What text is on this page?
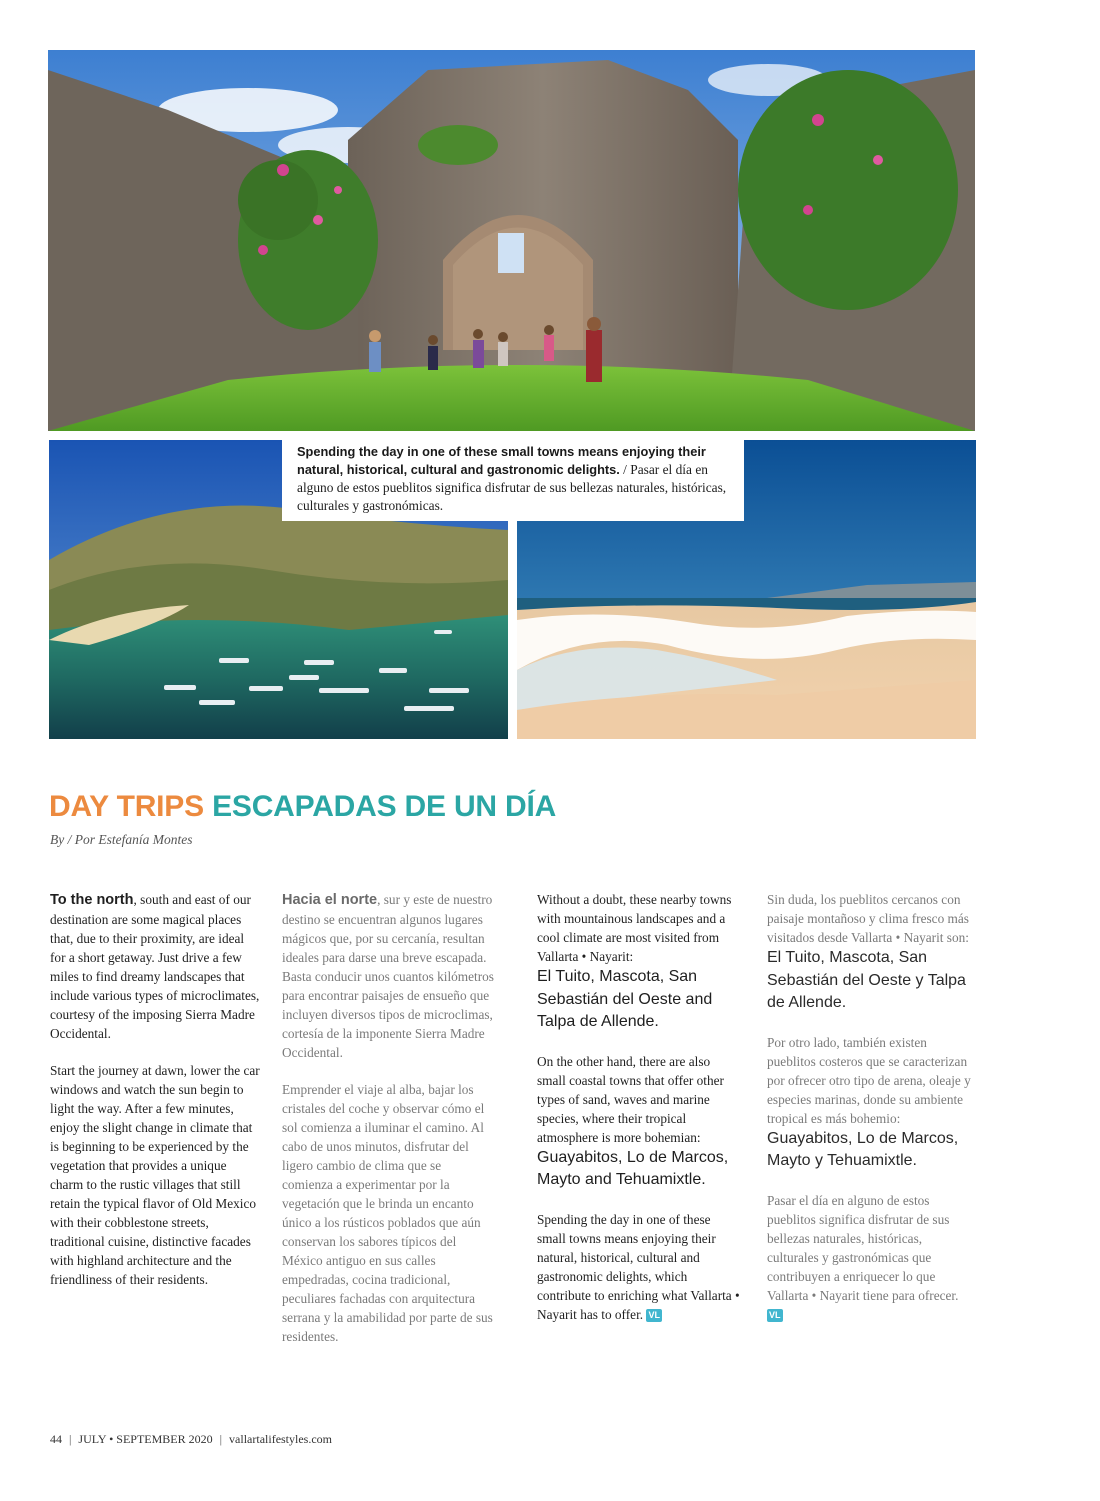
Spending the day in one of these small towns means enjoying their natural, historical, cultural and gastronomic delights. / Pasar el día en alguno de estos pueblitos significa disfrutar de sus bellezas naturales, históricas, culturales y gastronómicas.
DAY TRIPS ESCAPADAS DE UN DÍA
By / Por Estefanía Montes

To the north, south and east of our destination are some magical places that, due to their proximity, are ideal for a short getaway. Just drive a few miles to find dreamy landscapes that include various types of microclimates, courtesy of the imposing Sierra Madre Occidental.

Start the journey at dawn, lower the car windows and watch the sun begin to light the way. After a few minutes, enjoy the slight change in climate that is beginning to be experienced by the vegetation that provides a unique charm to the rustic villages that still retain the typical flavor of Old Mexico with their cobblestone streets, traditional cuisine, distinctive facades with highland architecture and the friendliness of their residents.

Hacia el norte, sur y este de nuestro destino se encuentran algunos lugares mágicos que, por su cercanía, resultan ideales para darse una breve escapada. Basta conducir unos cuantos kilómetros para encontrar paisajes de ensueño que incluyen diversos tipos de microclimas, cortesía de la imponente Sierra Madre Occidental.

Emprender el viaje al alba, bajar los cristales del coche y observar cómo el sol comienza a iluminar el camino. Al cabo de unos minutos, disfrutar del ligero cambio de clima que se comienza a experimentar por la vegetación que le brinda un encanto único a los rústicos poblados que aún conservan los sabores típicos del México antiguo en sus calles empedradas, cocina tradicional, peculiares fachadas con arquitectura serrana y la amabilidad por parte de sus residentes.

Without a doubt, these nearby towns with mountainous landscapes and a cool climate are most visited from Vallarta • Nayarit:

El Tuito, Mascota, San Sebastián del Oeste and Talpa de Allende.

On the other hand, there are also small coastal towns that offer other types of sand, waves and marine species, where their tropical atmosphere is more bohemian:

Guayabitos, Lo de Marcos, Mayto and Tehuamixtle.

Spending the day in one of these small towns means enjoying their natural, historical, cultural and gastronomic delights, which contribute to enriching what Vallarta • Nayarit has to offer. VL

Sin duda, los pueblitos cercanos con paisaje montañoso y clima fresco más visitados desde Vallarta • Nayarit son:

El Tuito, Mascota, San Sebastián del Oeste y Talpa de Allende.

Por otro lado, también existen pueblitos costeros que se caracterizan por ofrecer otro tipo de arena, oleaje y especies marinas, donde su ambiente tropical es más bohemio:

Guayabitos, Lo de Marcos, Mayto y Tehuamixtle.

Pasar el día en alguno de estos pueblitos significa disfrutar de sus bellezas naturales, históricas, culturales y gastronómicas que contribuyen a enriquecer lo que Vallarta • Nayarit tiene para ofrecer. VL

44 | JULY • SEPTEMBER 2020 | vallartalifestyles.com
